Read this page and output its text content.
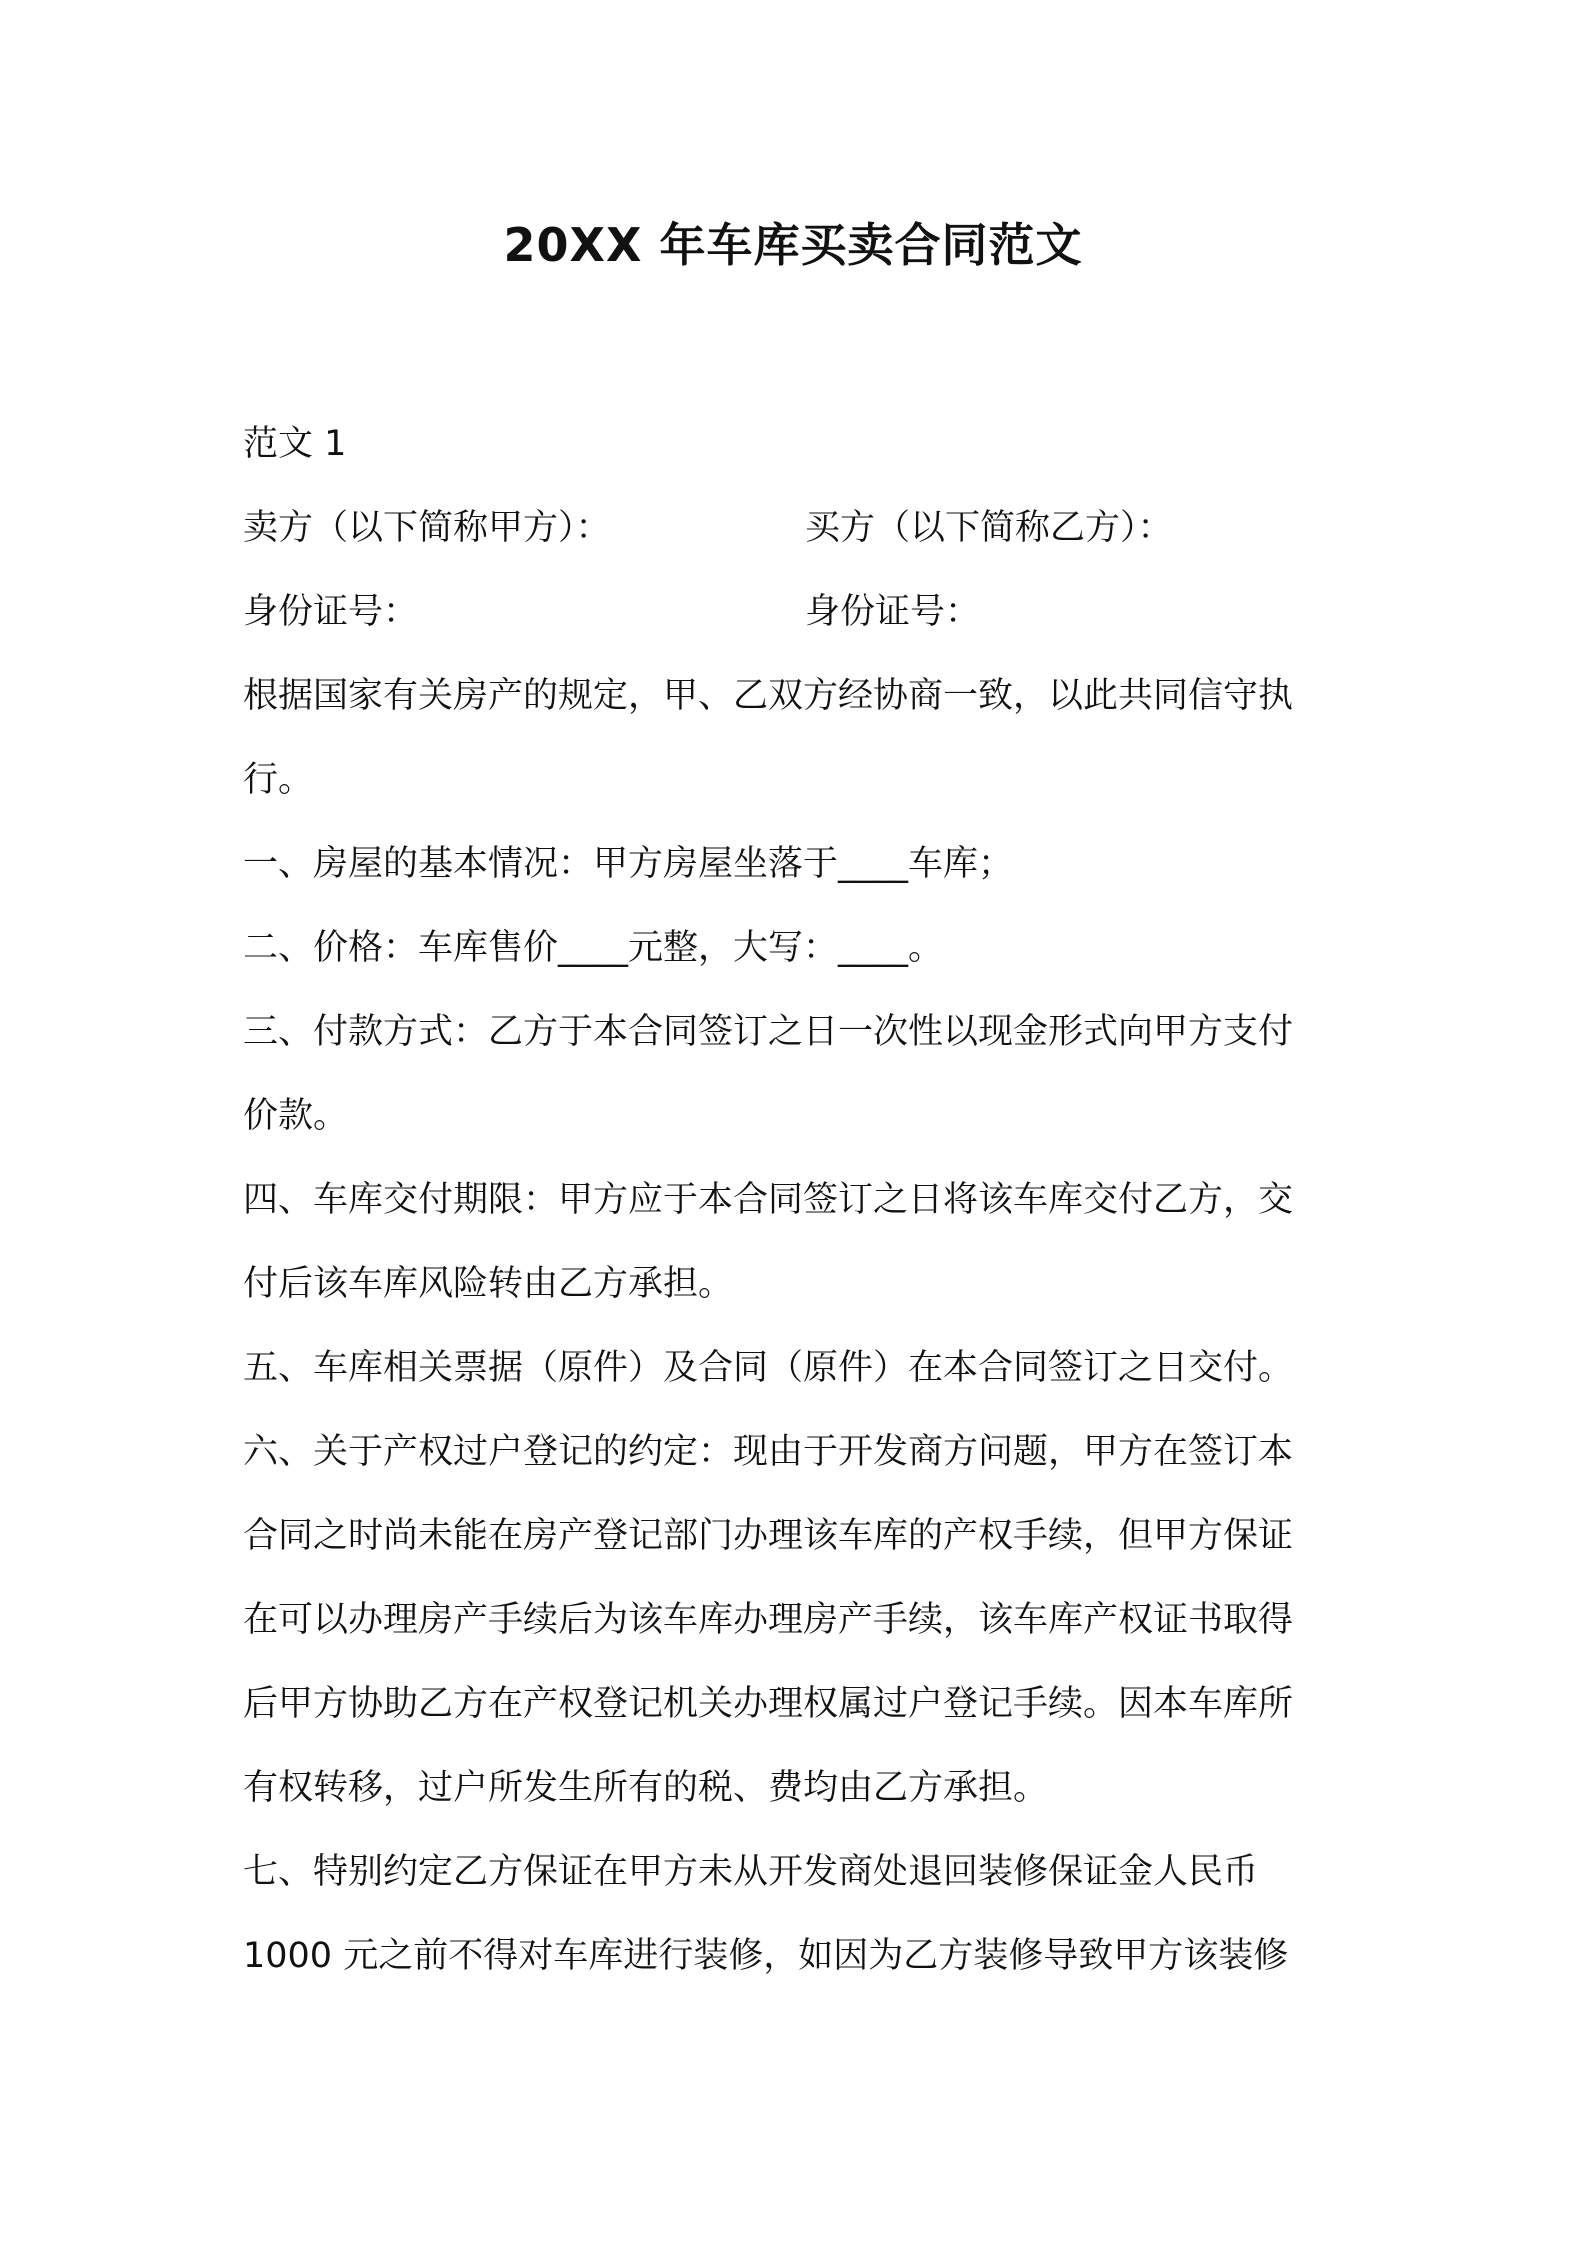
20XX 年车库买卖合同范文
范文 1
卖方（以下简称甲方）：	买方（以下简称乙方）：
身份证号：	身份证号：
根据国家有关房产的规定，甲、乙双方经协商一致，以此共同信守执
行。
一、房屋的基本情况：甲方房屋坐落于____车库；
二、价格：车库售价____元整，大写：____。
三、付款方式：乙方于本合同签订之日一次性以现金形式向甲方支付
价款。
四、车库交付期限：甲方应于本合同签订之日将该车库交付乙方，交
付后该车库风险转由乙方承担。
五、车库相关票据（原件）及合同（原件）在本合同签订之日交付。
六、关于产权过户登记的约定：现由于开发商方问题，甲方在签订本
合同之时尚未能在房产登记部门办理该车库的产权手续，但甲方保证
在可以办理房产手续后为该车库办理房产手续，该车库产权证书取得
后甲方协助乙方在产权登记机关办理权属过户登记手续。因本车库所
有权转移，过户所发生所有的税、费均由乙方承担。
七、特别约定乙方保证在甲方未从开发商处退回装修保证金人民币
1000 元之前不得对车库进行装修，如因为乙方装修导致甲方该装修
